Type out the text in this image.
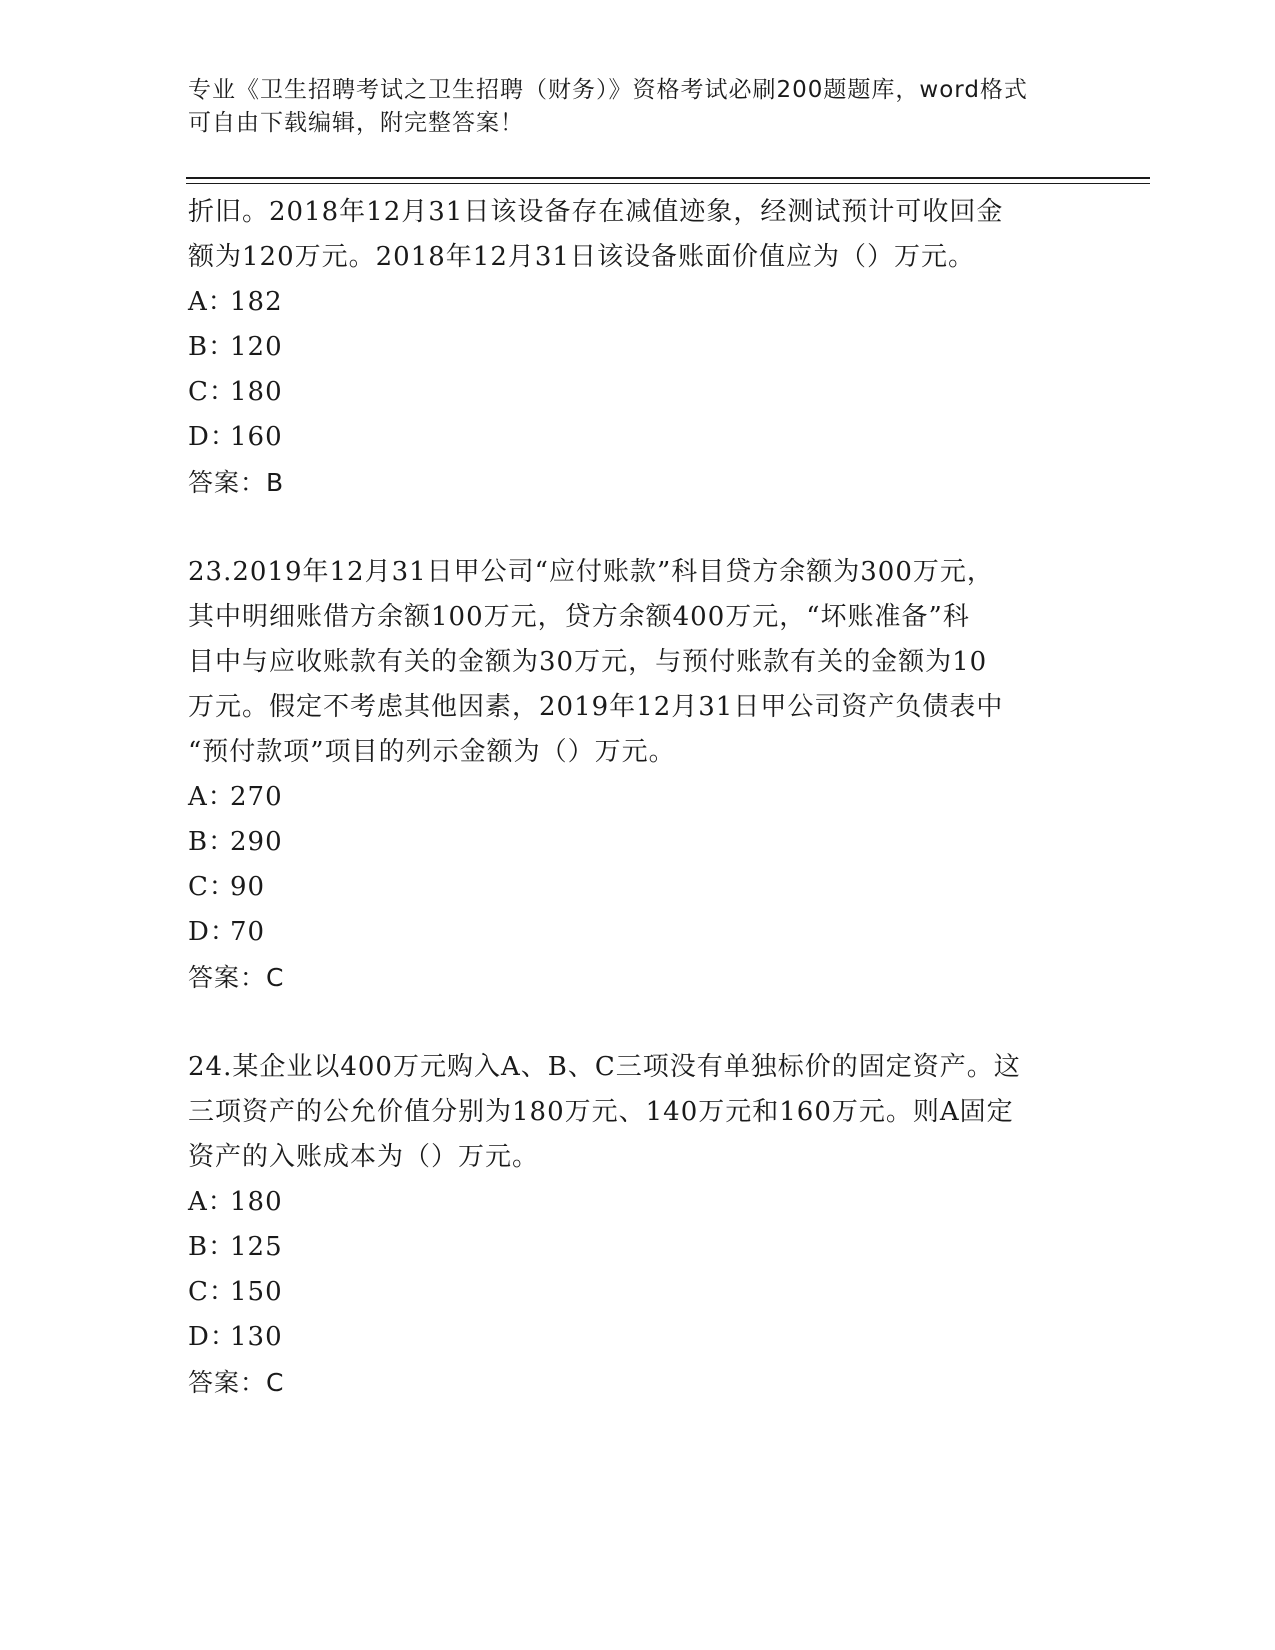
专业《卫生招聘考试之卫生招聘（财务）》资格考试必刷200题题库，word格式
可自由下载编辑，附完整答案！
折旧。2018年12月31日该设备存在减值迹象，经测试预计可收回金
额为120万元。2018年12月31日该设备账面价值应为（）万元。
A：182
B：120
C：180
D：160
答案：B
23.2019年12月31日甲公司“应付账款”科目贷方余额为300万元，
其中明细账借方余额100万元，贷方余额400万元，“坏账准备”科
目中与应收账款有关的金额为30万元，与预付账款有关的金额为10
万元。假定不考虑其他因素，2019年12月31日甲公司资产负债表中
“预付款项”项目的列示金额为（）万元。
A：270
B：290
C：90
D：70
答案：C
24.某企业以400万元购入A、B、C三项没有单独标价的固定资产。这
三项资产的公允价值分别为180万元、140万元和160万元。则A固定
资产的入账成本为（）万元。
A：180
B：125
C：150
D：130
答案：C
